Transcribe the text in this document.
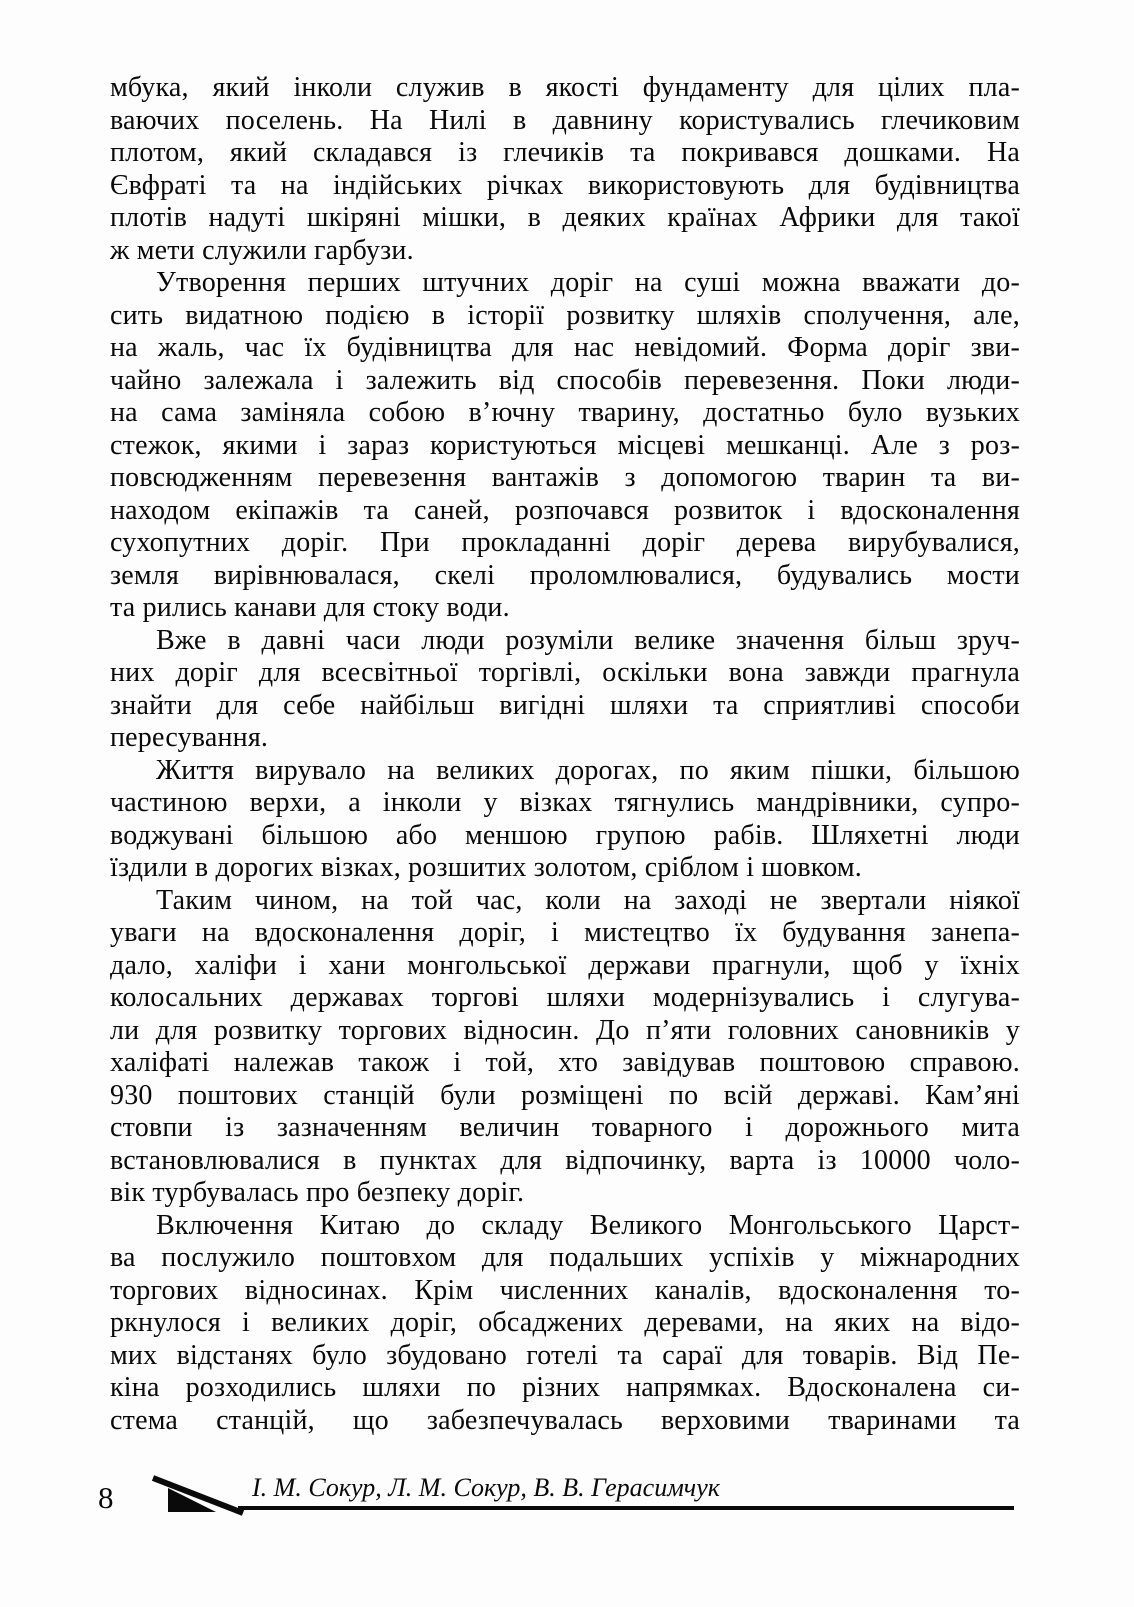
мбука, який інколи служив в якості фундаменту для цілих пла-
ваючих поселень. На Нилі в давнину користувались глечиковим
плотом, який складався із глечиків та покривався дошками. На
Євфраті та на індійських річках використовують для будівництва
плотів надуті шкіряні мішки, в деяких країнах Африки для такої
ж мети служили гарбузи.

Утворення перших штучних доріг на суші можна вважати до-
сить видатною подією в історії розвитку шляхів сполучення, але,
на жаль, час їх будівництва для нас невідомий. Форма доріг зви-
чайно залежала і залежить від способів перевезення. Поки люди-
на сама заміняла собою в’ючну тварину, достатньо було вузьких
стежок, якими і зараз користуються місцеві мешканці. Але з роз-
повсюдженням перевезення вантажів з допомогою тварин та ви-
находом екіпажів та саней, розпочався розвиток і вдосконалення
сухопутних доріг. При прокладанні доріг дерева вирубувалися,
земля вирівнювалася, скелі проломлювалися, будувались мости
та рились канави для стоку води.

Вже в давні часи люди розуміли велике значення більш зруч-
них доріг для всесвітньої торгівлі, оскільки вона завжди прагнула
знайти для себе найбільш вигідні шляхи та сприятливі способи
пересування.

Життя вирувало на великих дорогах, по яким пішки, більшою
частиною верхи, а інколи у візках тягнулись мандрівники, супро-
воджувані більшою або меншою групою рабів. Шляхетні люди
їздили в дорогих візках, розшитих золотом, сріблом і шовком.

Таким чином, на той час, коли на заході не звертали ніякої
уваги на вдосконалення доріг, і мистецтво їх будування занепа-
дало, халіфи і хани монгольської держави прагнули, щоб у їхніх
колосальних державах торгові шляхи модернізувались і слугува-
ли для розвитку торгових відносин. До п’яти головних сановників у
халіфаті належав також і той, хто завідував поштовою справою.
930 поштових станцій були розміщені по всій державі. Кам’яні
стовпи із зазначенням величин товарного і дорожнього мита
встановлювалися в пунктах для відпочинку, варта із 10000 чоло-
вік турбувалась про безпеку доріг.

Включення Китаю до складу Великого Монгольського Царст-
ва послужило поштовхом для подальших успіхів у міжнародних
торгових відносинах. Крім численних каналів, вдосконалення то-
ркнулося і великих доріг, обсаджених деревами, на яких на відо-
мих відстанях було збудовано готелі та сараї для товарів. Від Пе-
кіна розходились шляхи по різних напрямках. Вдосконалена си-
стема станцій, що забезпечувалась верховими тваринами та

8	І. М. Сокур, Л. М. Сокур, В. В. Герасимчук
